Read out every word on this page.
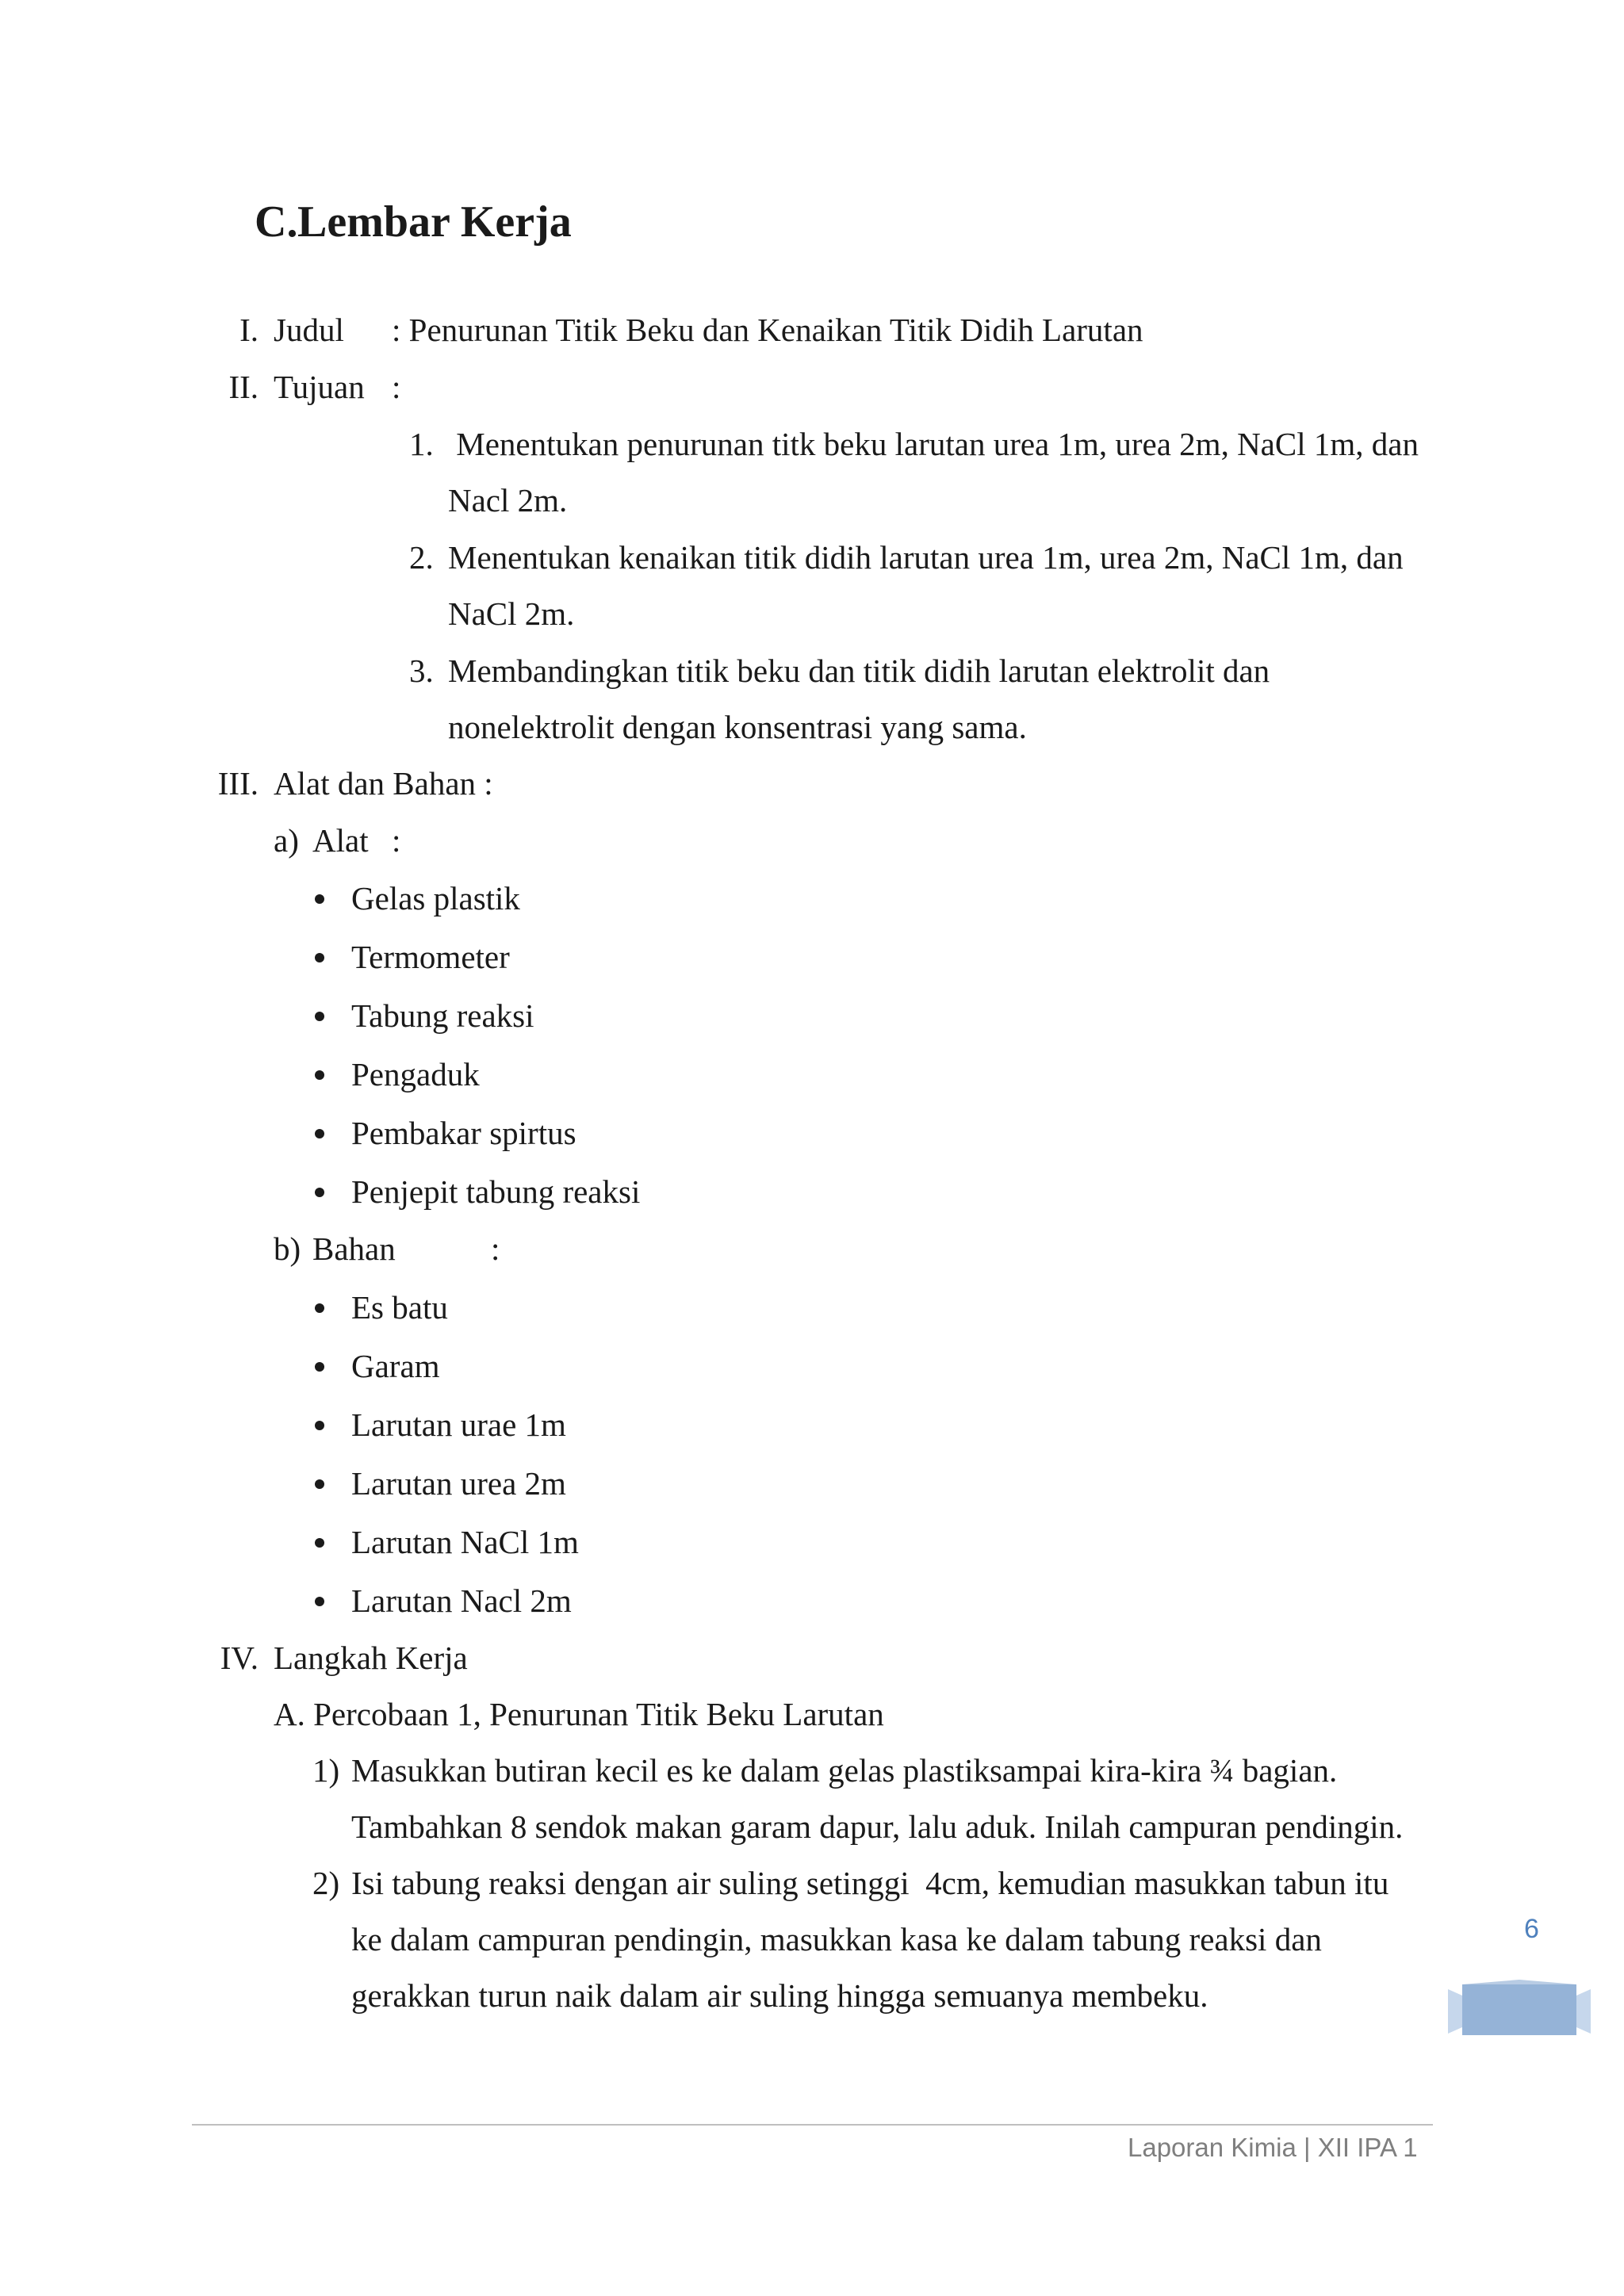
C.Lembar Kerja
I. Judul : Penurunan Titik Beku dan Kenaikan Titik Didih Larutan
II. Tujuan :
1. Menentukan penurunan titk beku larutan urea 1m, urea 2m, NaCl 1m, dan
Nacl 2m.
2. Menentukan kenaikan titik didih larutan urea 1m, urea 2m, NaCl 1m, dan
NaCl 2m.
3. Membandingkan titik beku dan titik didih larutan elektrolit dan
nonelektrolit dengan konsentrasi yang sama.
III. Alat dan Bahan :
a) Alat :
Gelas plastik
Termometer
Tabung reaksi
Pengaduk
Pembakar spirtus
Penjepit tabung reaksi
b) Bahan	:
Es batu
Garam
Larutan urae 1m
Larutan urea 2m
Larutan NaCl 1m
Larutan Nacl 2m
IV. Langkah Kerja
A. Percobaan 1, Penurunan Titik Beku Larutan
1) Masukkan butiran kecil es ke dalam gelas plastiksampai kira-kira ¾ bagian.
Tambahkan 8 sendok makan garam dapur, lalu aduk. Inilah campuran pendingin.
2) Isi tabung reaksi dengan air suling setinggi  4cm, kemudian masukkan tabun itu
ke dalam campuran pendingin, masukkan kasa ke dalam tabung reaksi dan
gerakkan turun naik dalam air suling hingga semuanya membeku.
6
Laporan Kimia | XII IPA 1
